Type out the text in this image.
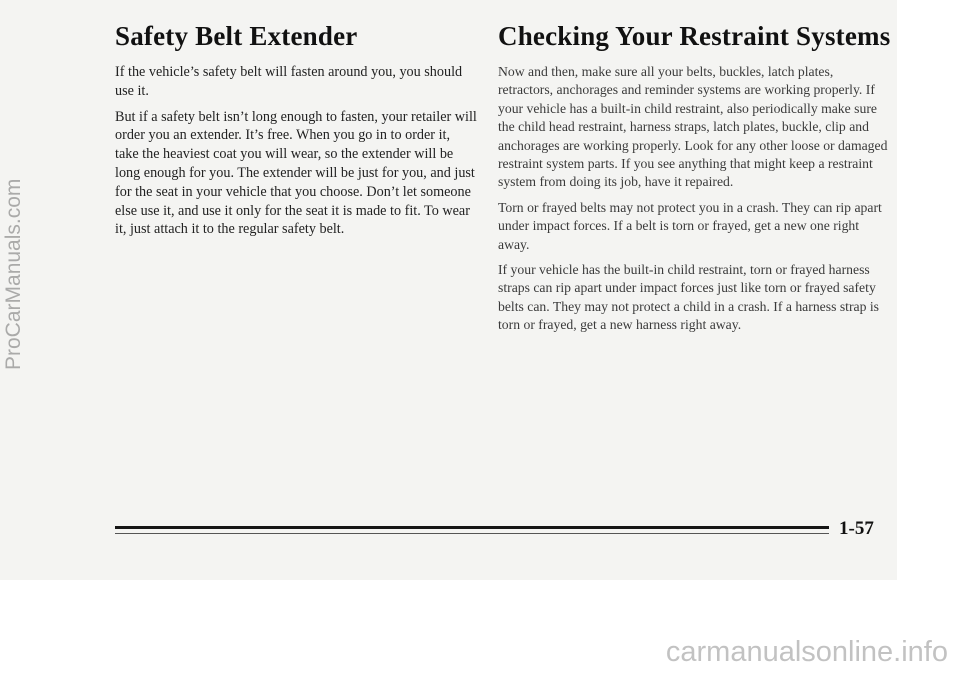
Safety Belt Extender

If the vehicle’s safety belt will fasten around you, you should use it.

But if a safety belt isn’t long enough to fasten, your retailer will order you an extender. It’s free. When you go in to order it, take the heaviest coat you will wear, so the extender will be long enough for you. The extender will be just for you, and just for the seat in your vehicle that you choose. Don’t let someone else use it, and use it only for the seat it is made to fit. To wear it, just attach it to the regular safety belt.

Checking Your Restraint Systems

Now and then, make sure all your belts, buckles, latch plates, retractors, anchorages and reminder systems are working properly. If your vehicle has a built-in child restraint, also periodically make sure the child head restraint, harness straps, latch plates, buckle, clip and anchorages are working properly. Look for any other loose or damaged restraint system parts. If you see anything that might keep a restraint system from doing its job, have it repaired.

Torn or frayed belts may not protect you in a crash. They can rip apart under impact forces. If a belt is torn or frayed, get a new one right away.

If your vehicle has the built-in child restraint, torn or frayed harness straps can rip apart under impact forces just like torn or frayed safety belts can. They may not protect a child in a crash. If a harness strap is torn or frayed, get a new harness right away.

1-57
ProCarManuals.com
carmanualsonline.info
